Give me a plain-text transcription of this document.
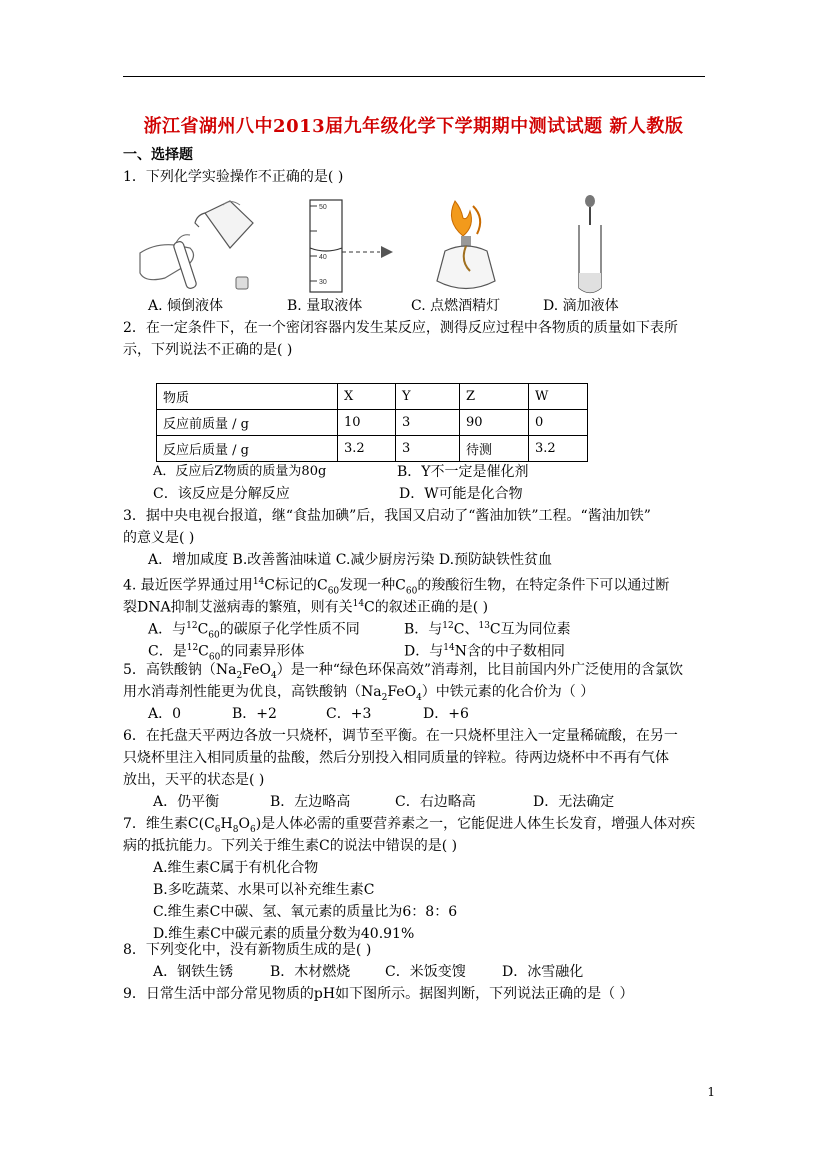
浙江省湖州八中2013届九年级化学下学期期中测试试题 新人教版
一、选择题
1．下列化学实验操作不正确的是( )
50
40
30
A. 倾倒液体	B. 量取液体	C. 点燃酒精灯	D. 滴加液体
2．在一定条件下，在一个密闭容器内发生某反应，测得反应过程中各物质的质量如下表所
示，下列说法不正确的是( )
物质	X	Y	Z	W
反应前质量 / g	10	3	90	0
反应后质量 / g	3.2	3	待测	3.2
A．反应后Z物质的质量为80g	B．Y不一定是催化剂
C．该反应是分解反应	D．W可能是化合物
3．据中央电视台报道，继“食盐加碘”后，我国又启动了“酱油加铁”工程。“酱油加铁”
的意义是( )
A．增加咸度 B.改善酱油味道 C.减少厨房污染 D.预防缺铁性贫血
4. 最近医学界通过用$^{14}$C标记的$C_{60}$发现一种$C_{60}$的羧酸衍生物，在特定条件下可以通过断
裂DNA抑制艾滋病毒的繁殖，则有关$^{14}$C的叙述正确的是( )
A．与$^{12}C_{60}$的碳原子化学性质不同	B．与$^{12}$C、$^{13}$C互为同位素
C．是$^{12}C_{60}$的同素异形体	D．与$^{14}$N含的中子数相同
5．高铁酸钠$(Na_2FeO_4)$是一种“绿色环保高效”消毒剂，比目前国内外广泛使用的含氯饮
用水消毒剂性能更为优良，高铁酸钠$(Na_2FeO_4)$中铁元素的化合价为（ ）
A．0	B．+2	C．+3	D．+6
6．在托盘天平两边各放一只烧杯，调节至平衡。在一只烧杯里注入一定量稀硫酸，在另一
只烧杯里注入相同质量的盐酸，然后分别投入相同质量的锌粒。待两边烧杯中不再有气体
放出，天平的状态是( )
A．仍平衡	B．左边略高	C．右边略高	D．无法确定
7．维生素$C(C_6H_8O_6)$是人体必需的重要营养素之一，它能促进人体生长发育，增强人体对疾
病的抵抗能力。下列关于维生素C的说法中错误的是( )
A.维生素C属于有机化合物
B.多吃蔬菜、水果可以补充维生素C
C.维生素C中碳、氢、氧元素的质量比为6：8：6
D.维生素C中碳元素的质量分数为40.91%
8．下列变化中，没有新物质生成的是( )
A．钢铁生锈	B．木材燃烧 C．米饭变馊	D．冰雪融化
9．日常生活中部分常见物质的pH如下图所示。据图判断，下列说法正确的是（ ）
1
